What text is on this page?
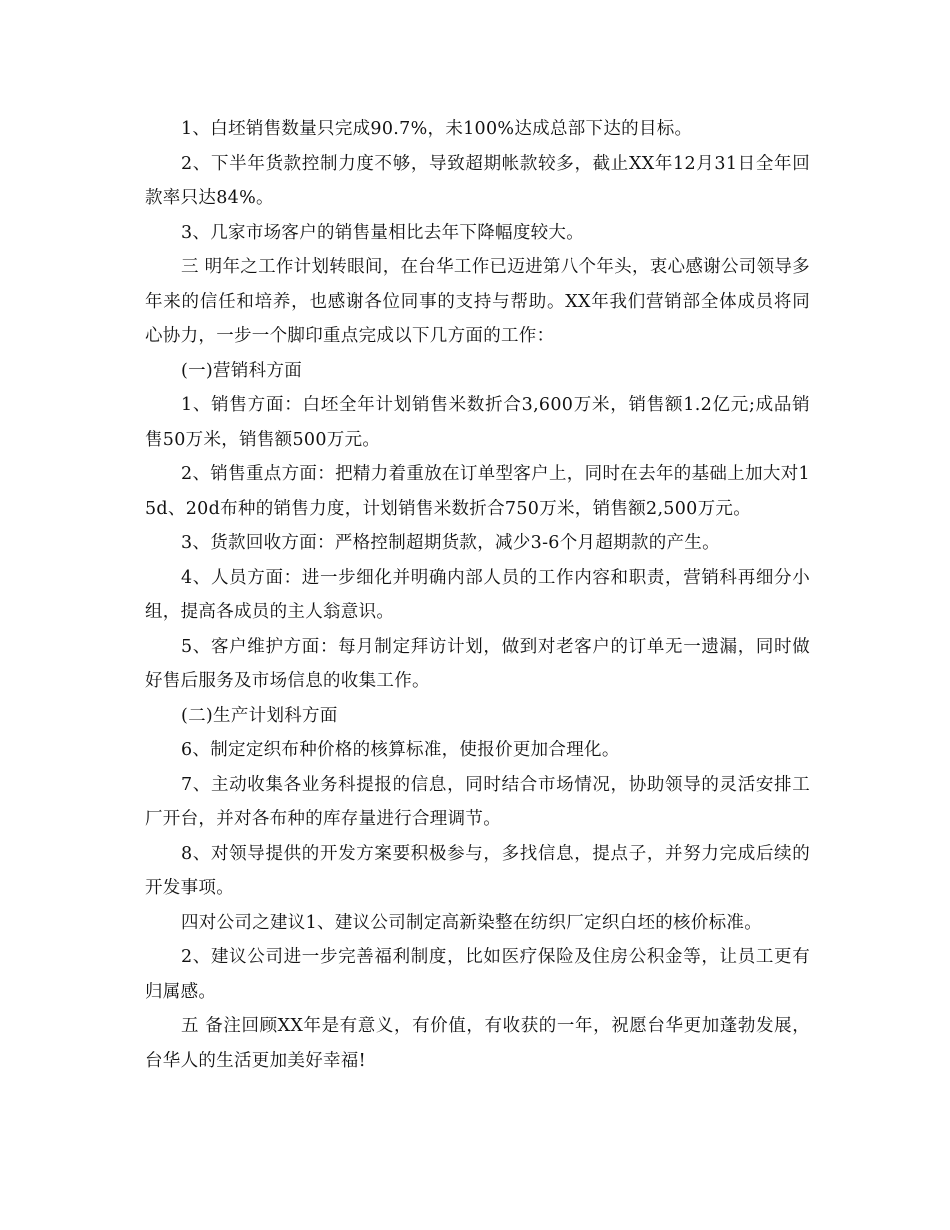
1、白坯销售数量只完成90.7%，未100%达成总部下达的目标。

2、下半年货款控制力度不够，导致超期帐款较多，截止XX年12月31日全年回款率只达84%。

3、几家市场客户的销售量相比去年下降幅度较大。

三 明年之工作计划转眼间，在台华工作已迈进第八个年头，衷心感谢公司领导多年来的信任和培养，也感谢各位同事的支持与帮助。XX年我们营销部全体成员将同心协力，一步一个脚印重点完成以下几方面的工作：

(一)营销科方面

1、销售方面：白坯全年计划销售米数折合3,600万米，销售额1.2亿元;成品销售50万米，销售额500万元。

2、销售重点方面：把精力着重放在订单型客户上，同时在去年的基础上加大对15d、20d布种的销售力度，计划销售米数折合750万米，销售额2,500万元。

3、货款回收方面：严格控制超期货款，减少3-6个月超期款的产生。

4、人员方面：进一步细化并明确内部人员的工作内容和职责，营销科再细分小组，提高各成员的主人翁意识。

5、客户维护方面：每月制定拜访计划，做到对老客户的订单无一遗漏，同时做好售后服务及市场信息的收集工作。

(二)生产计划科方面

6、制定定织布种价格的核算标准，使报价更加合理化。

7、主动收集各业务科提报的信息，同时结合市场情况，协助领导的灵活安排工厂开台，并对各布种的库存量进行合理调节。

8、对领导提供的开发方案要积极参与，多找信息，提点子，并努力完成后续的开发事项。

四对公司之建议1、建议公司制定高新染整在纺织厂定织白坯的核价标准。

2、建议公司进一步完善福利制度，比如医疗保险及住房公积金等，让员工更有归属感。

五 备注回顾XX年是有意义，有价值，有收获的一年，祝愿台华更加蓬勃发展，台华人的生活更加美好幸福!
